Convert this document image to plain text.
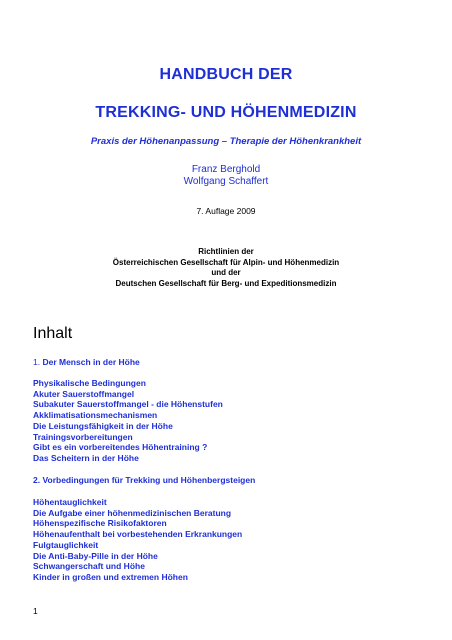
HANDBUCH DER
TREKKING- UND HÖHENMEDIZIN
Praxis der Höhenanpassung – Therapie der Höhenkrankheit
Franz Berghold
Wolfgang Schaffert
7. Auflage 2009
Richtlinien der
Österreichischen Gesellschaft für Alpin- und Höhenmedizin
und der
Deutschen Gesellschaft für Berg- und Expeditionsmedizin
Inhalt
1. Der Mensch in der Höhe
Physikalische Bedingungen
Akuter Sauerstoffmangel
Subakuter Sauerstoffmangel - die Höhenstufen
Akklimatisationsmechanismen
Die Leistungsfähigkeit in der Höhe
Trainingsvorbereitungen
Gibt es ein vorbereitendes Höhentraining ?
Das Scheitern in der Höhe
2. Vorbedingungen für Trekking und Höhenbergsteigen
Höhentauglichkeit
Die Aufgabe einer höhenmedizinischen Beratung
Höhenspezifische Risikofaktoren
Höhenaufenthalt bei vorbestehenden Erkrankungen
Fulgtauglichkeit
Die Anti-Baby-Pille in der Höhe
Schwangerschaft und Höhe
Kinder in großen und extremen Höhen
1
